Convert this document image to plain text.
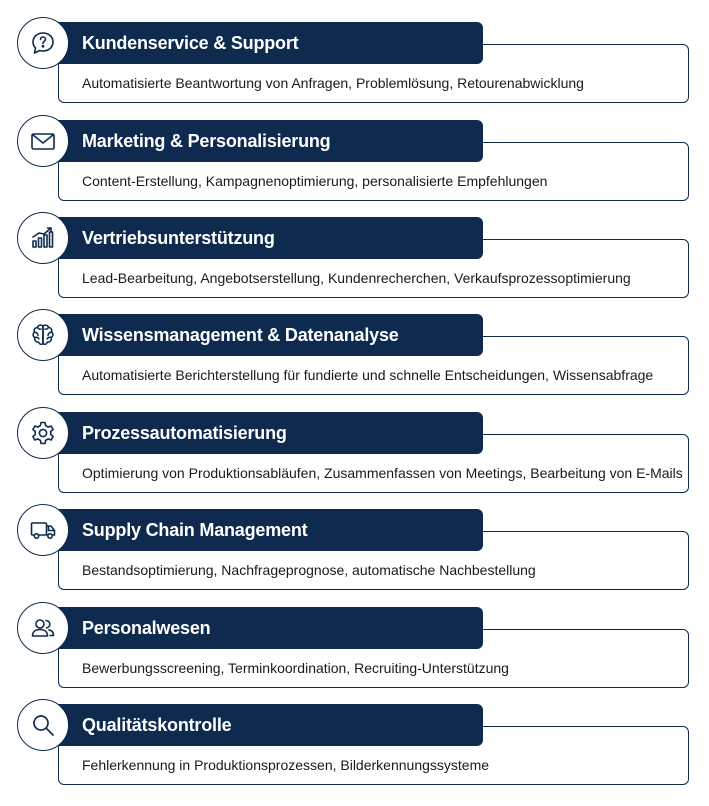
Automatisierte Beantwortung von Anfragen, Problemlösung, Retourenabwicklung
Kundenservice & Support
Content-Erstellung, Kampagnenoptimierung, personalisierte Empfehlungen
Marketing & Personalisierung
Lead-Bearbeitung, Angebotserstellung, Kundenrecherchen, Verkaufsprozessoptimierung
Vertriebsunterstützung
Automatisierte Berichterstellung für fundierte und schnelle Entscheidungen, Wissensabfrage
Wissensmanagement & Datenanalyse
Optimierung von Produktionsabläufen, Zusammenfassen von Meetings, Bearbeitung von E-Mails
Prozessautomatisierung
Bestandsoptimierung, Nachfrageprognose, automatische Nachbestellung
Supply Chain Management
Bewerbungsscreening, Terminkoordination, Recruiting-Unterstützung
Personalwesen
Fehlerkennung in Produktionsprozessen, Bilderkennungssysteme
Qualitätskontrolle
